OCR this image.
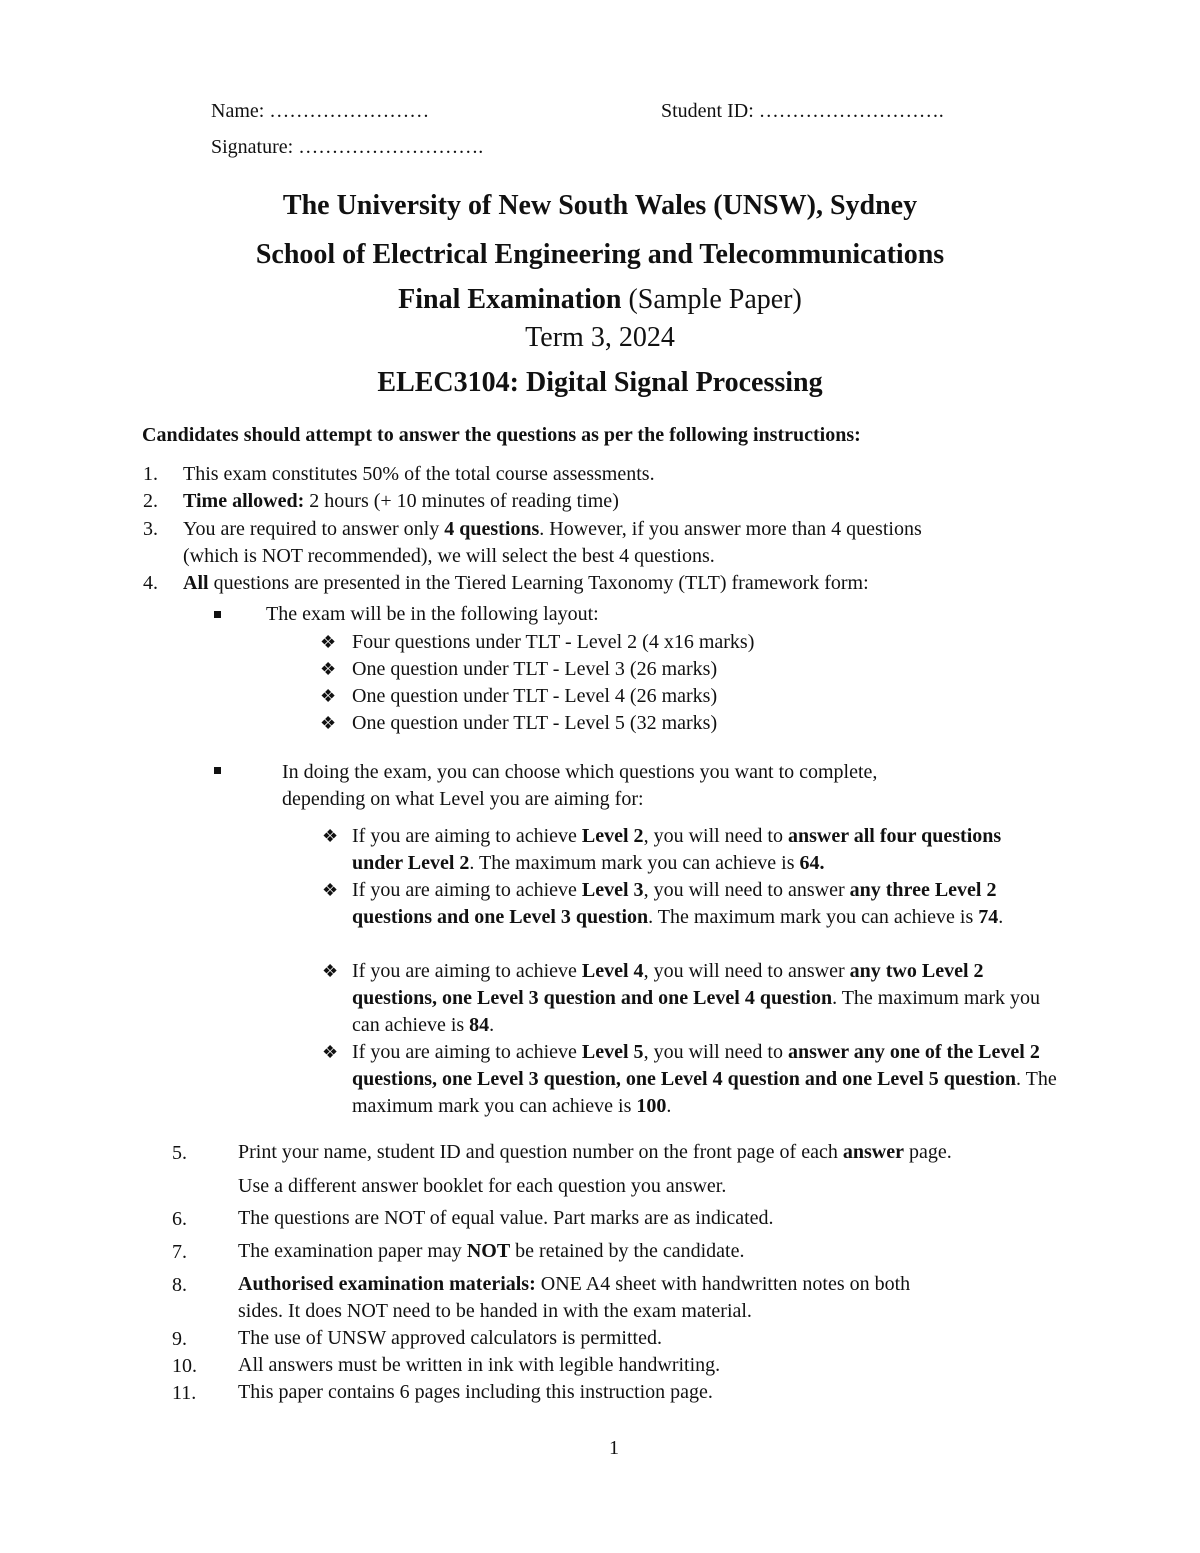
Name: ……………………	Student ID: ……………………….
Signature: ……………………….
The University of New South Wales (UNSW), Sydney
School of Electrical Engineering and Telecommunications
Final Examination (Sample Paper)
Term 3, 2024
ELEC3104: Digital Signal Processing
Candidates should attempt to answer the questions as per the following instructions:
1. This exam constitutes 50% of the total course assessments.
2. Time allowed: 2 hours (+ 10 minutes of reading time)
3. You are required to answer only 4 questions. However, if you answer more than 4 questions
(which is NOT recommended), we will select the best 4 questions.
4. All questions are presented in the Tiered Learning Taxonomy (TLT) framework form:
The exam will be in the following layout:
❖ Four questions under TLT - Level 2 (4 x16 marks)
❖ One question under TLT - Level 3 (26 marks)
❖ One question under TLT - Level 4 (26 marks)
❖ One question under TLT - Level 5 (32 marks)
In doing the exam, you can choose which questions you want to complete,
depending on what Level you are aiming for:
❖ If you are aiming to achieve Level 2, you will need to answer all four questions under Level 2. The maximum mark you can achieve is 64.
❖ If you are aiming to achieve Level 3, you will need to answer any three Level 2 questions and one Level 3 question. The maximum mark you can achieve is 74.
❖ If you are aiming to achieve Level 4, you will need to answer any two Level 2 questions, one Level 3 question and one Level 4 question. The maximum mark you can achieve is 84.
❖ If you are aiming to achieve Level 5, you will need to answer any one of the Level 2 questions, one Level 3 question, one Level 4 question and one Level 5 question. The maximum mark you can achieve is 100.
5.	Print your name, student ID and question number on the front page of each answer page.
Use a different answer booklet for each question you answer.
6.	The questions are NOT of equal value. Part marks are as indicated.
7.	The examination paper may NOT be retained by the candidate.
8.	Authorised examination materials: ONE A4 sheet with handwritten notes on both
sides. It does NOT need to be handed in with the exam material.
9.	The use of UNSW approved calculators is permitted.
10. All answers must be written in ink with legible handwriting.
11. This paper contains 6 pages including this instruction page.
1
